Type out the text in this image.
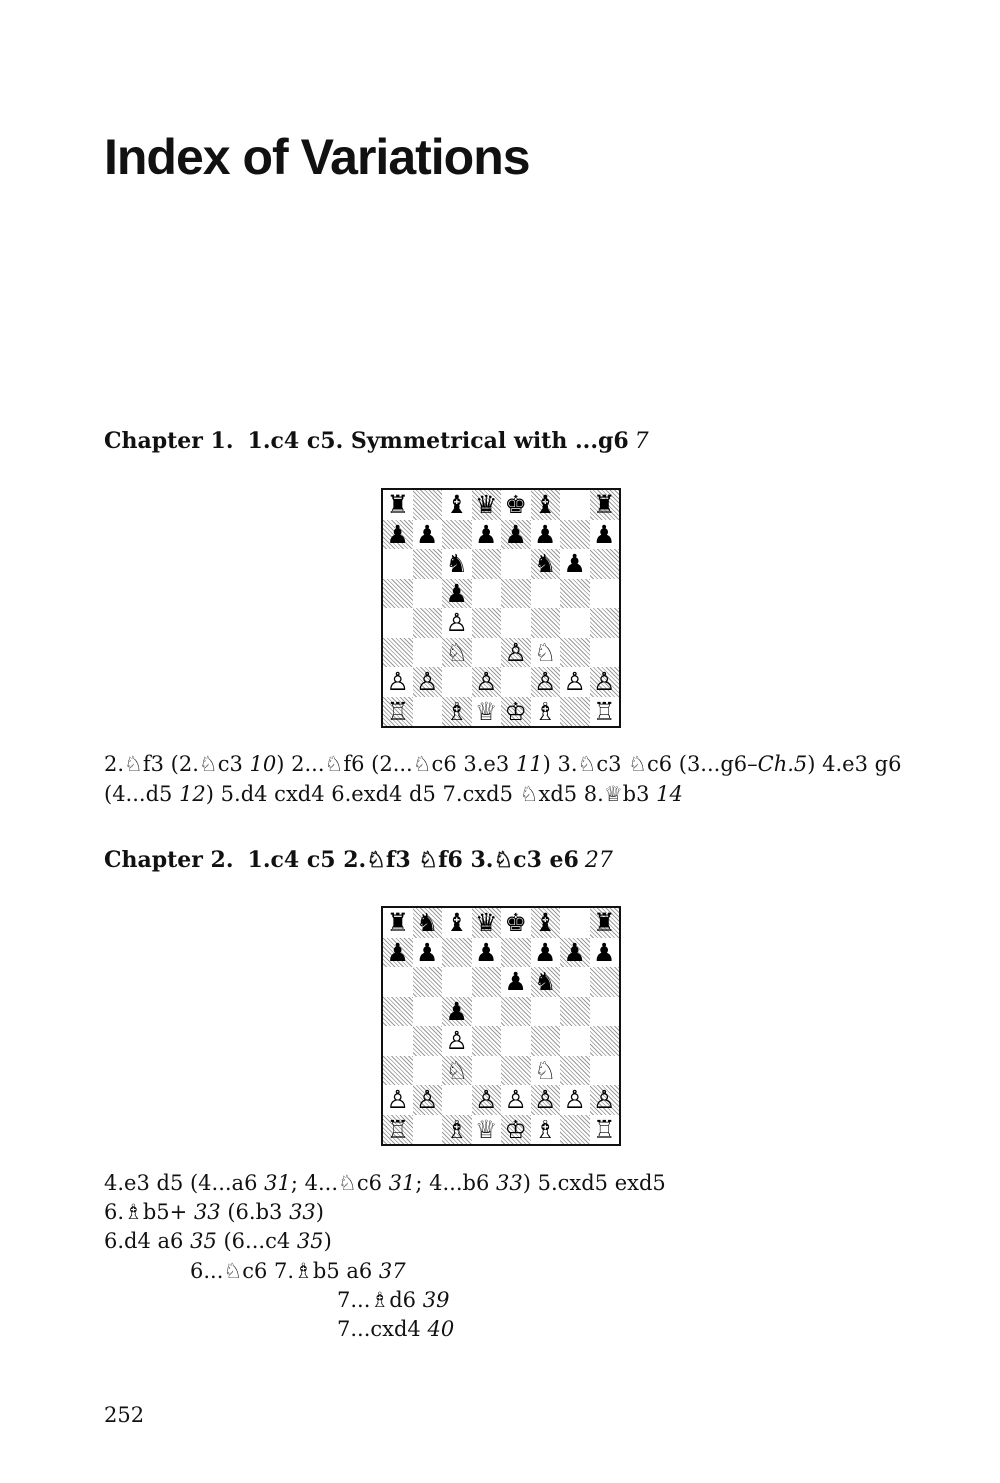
Index of Variations
Chapter 1. 1.c4 c5. Symmetrical with ...g6 7
♜ ♝ ♛ ♚ ♝ ♜
♟ ♟ ♟ ♟ ♟ ♟
♞	♞ ♟
♟
♙
♘ ♙ ♘
♙ ♙ ♙ ♙ ♙ ♙
♖ ♗ ♕ ♔ ♗ ♖

2.♘f3 (2.♘c3 10) 2...♘f6 (2...♘c6 3.e3 11) 3.♘c3 ♘c6 (3...g6–Ch.5) 4.e3 g6

(4...d5 12) 5.d4 cxd4 6.exd4 d5 7.cxd5 ♘xd5 8.♕b3 14

Chapter 2. 1.c4 c5 2.♘f3 ♘f6 3.♘c3 e6 27
♜ ♞ ♝ ♛ ♚ ♝ ♜
♟ ♟ ♟ ♟ ♟ ♟
♟ ♞
♟
♙
♘	♘
♙ ♙ ♙ ♙ ♙ ♙ ♙
♖ ♗ ♕ ♔ ♗ ♖

4.e3 d5 (4...a6 31; 4...♘c6 31; 4...b6 33) 5.cxd5 exd5

6.♗b5+ 33 (6.b3 33)

6.d4 a6 35 (6...c4 35)

6...♘c6 7.♗b5 a6 37

7...♗d6 39

7...cxd4 40

252
